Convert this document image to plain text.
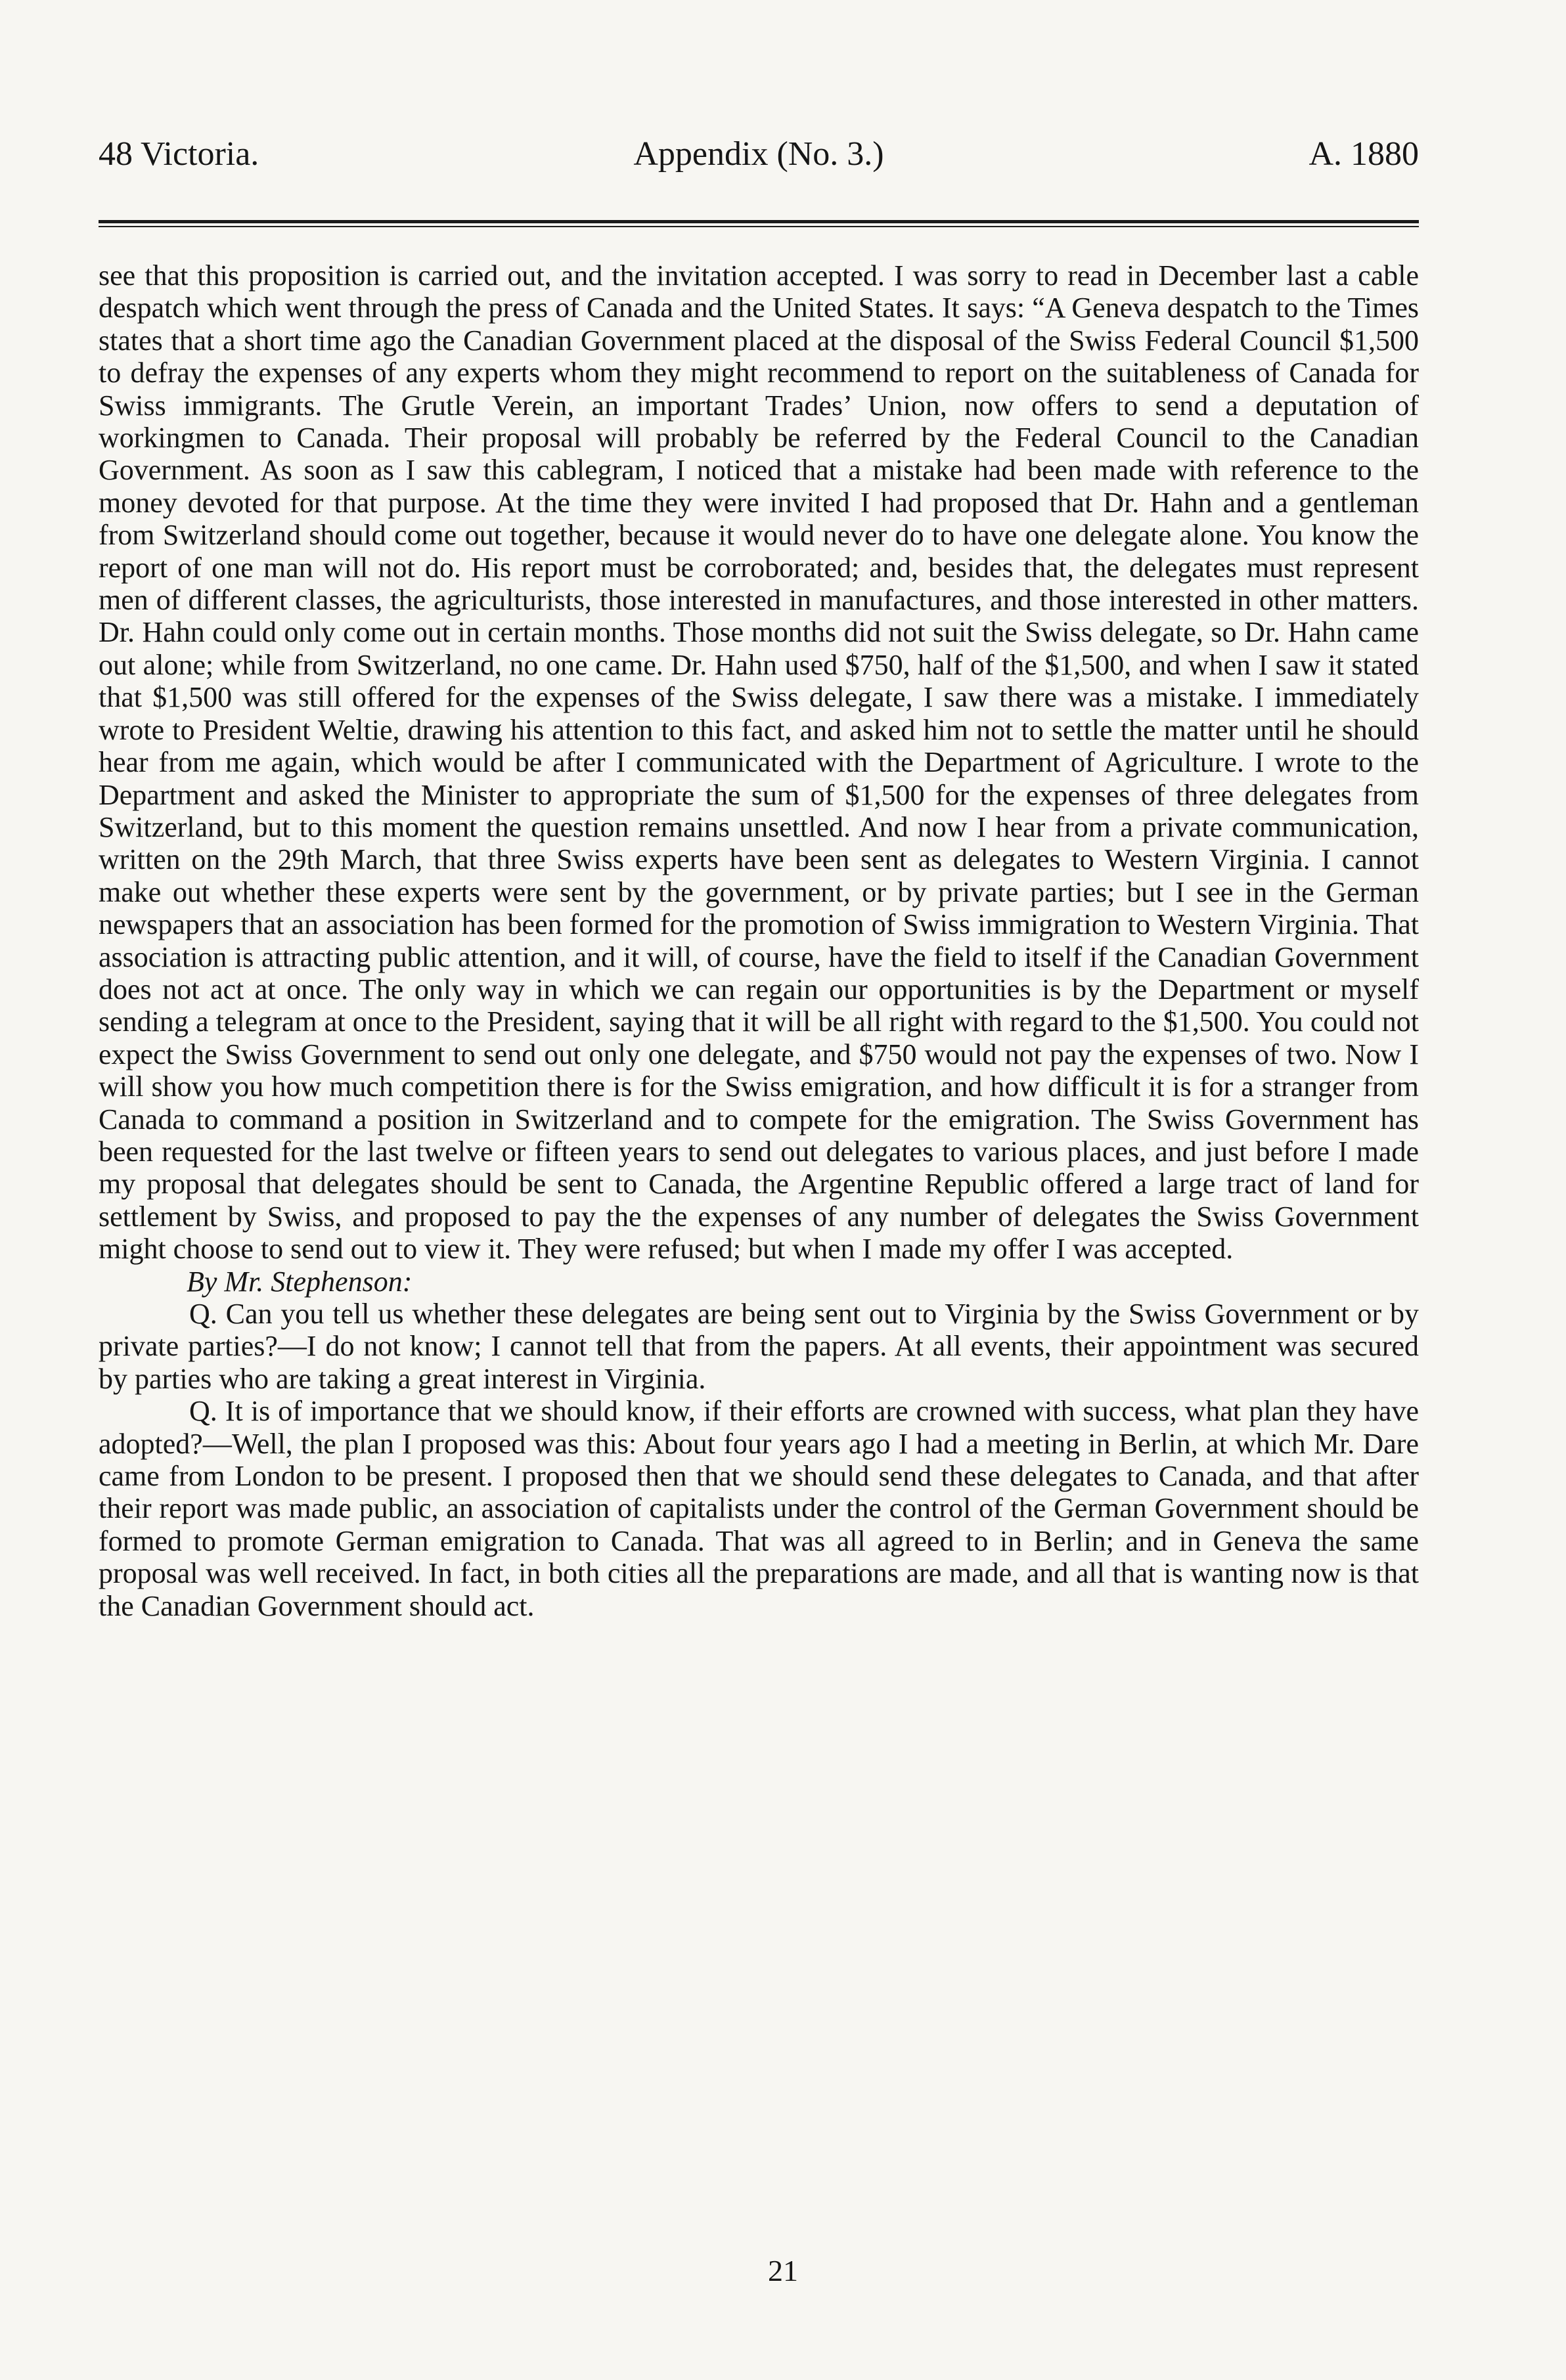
48 Victoria.	Appendix (No. 3.)	A. 1880

see that this proposition is carried out, and the invitation accepted. I was sorry to read in December last a cable despatch which went through the press of Canada and the United States. It says: “A Geneva despatch to the Times states that a short time ago the Canadian Government placed at the disposal of the Swiss Federal Council $1,500 to defray the expenses of any experts whom they might recommend to report on the suitableness of Canada for Swiss immigrants. The Grutle Verein, an important Trades’ Union, now offers to send a deputation of workingmen to Canada. Their proposal will probably be referred by the Federal Council to the Canadian Government. As soon as I saw this cablegram, I noticed that a mistake had been made with reference to the money devoted for that purpose. At the time they were invited I had proposed that Dr. Hahn and a gentleman from Switzerland should come out together, because it would never do to have one delegate alone. You know the report of one man will not do. His report must be corroborated; and, besides that, the delegates must represent men of different classes, the agriculturists, those interested in manufactures, and those interested in other matters. Dr. Hahn could only come out in certain months. Those months did not suit the Swiss delegate, so Dr. Hahn came out alone; while from Switzerland, no one came. Dr. Hahn used $750, half of the $1,500, and when I saw it stated that $1,500 was still offered for the expenses of the Swiss delegate, I saw there was a mistake. I immediately wrote to President Weltie, drawing his attention to this fact, and asked him not to settle the matter until he should hear from me again, which would be after I communicated with the Department of Agriculture. I wrote to the Department and asked the Minister to appropriate the sum of $1,500 for the expenses of three delegates from Switzerland, but to this moment the question remains unsettled. And now I hear from a private communication, written on the 29th March, that three Swiss experts have been sent as delegates to Western Virginia. I cannot make out whether these experts were sent by the government, or by private parties; but I see in the German newspapers that an association has been formed for the promotion of Swiss immigration to Western Virginia. That association is attracting public attention, and it will, of course, have the field to itself if the Canadian Government does not act at once. The only way in which we can regain our opportunities is by the Department or myself sending a telegram at once to the President, saying that it will be all right with regard to the $1,500. You could not expect the Swiss Government to send out only one delegate, and $750 would not pay the expenses of two. Now I will show you how much competition there is for the Swiss emigration, and how difficult it is for a stranger from Canada to command a position in Switzerland and to compete for the emigration. The Swiss Government has been requested for the last twelve or fifteen years to send out delegates to various places, and just before I made my proposal that delegates should be sent to Canada, the Argentine Republic offered a large tract of land for settlement by Swiss, and proposed to pay the the expenses of any number of delegates the Swiss Government might choose to send out to view it. They were refused; but when I made my offer I was accepted.

By Mr. Stephenson:

Q. Can you tell us whether these delegates are being sent out to Virginia by the Swiss Government or by private parties?—I do not know; I cannot tell that from the papers. At all events, their appointment was secured by parties who are taking a great interest in Virginia.

Q. It is of importance that we should know, if their efforts are crowned with success, what plan they have adopted?—Well, the plan I proposed was this: About four years ago I had a meeting in Berlin, at which Mr. Dare came from London to be present. I proposed then that we should send these delegates to Canada, and that after their report was made public, an association of capitalists under the control of the German Government should be formed to promote German emigration to Canada. That was all agreed to in Berlin; and in Geneva the same proposal was well received. In fact, in both cities all the preparations are made, and all that is wanting now is that the Canadian Government should act.

21
